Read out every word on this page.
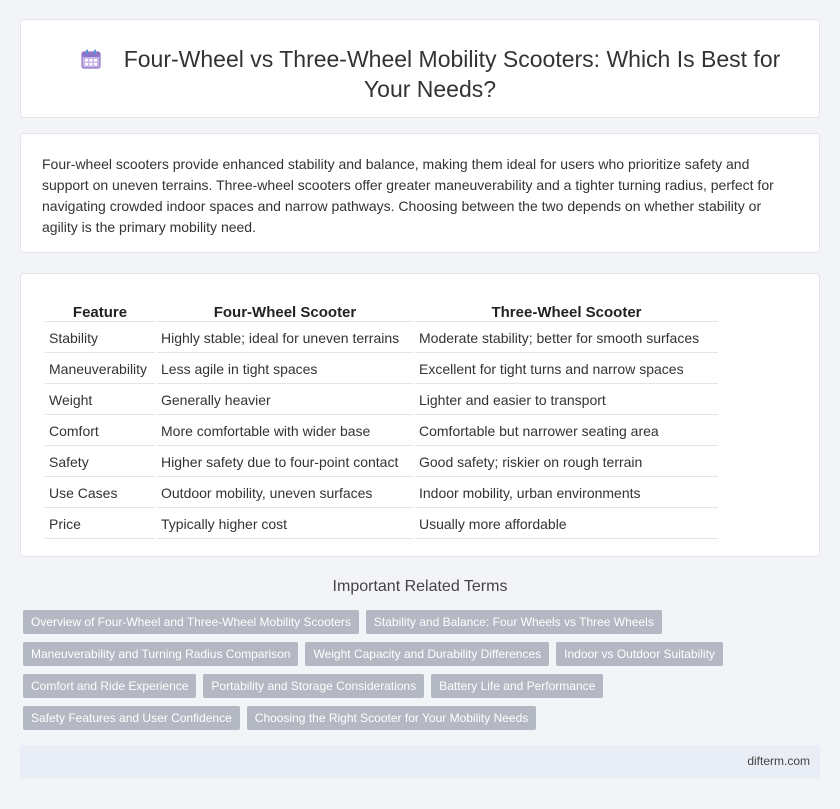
Four-Wheel vs Three-Wheel Mobility Scooters: Which Is Best for Your Needs?

Four-wheel scooters provide enhanced stability and balance, making them ideal for users who prioritize safety and support on uneven terrains. Three-wheel scooters offer greater maneuverability and a tighter turning radius, perfect for navigating crowded indoor spaces and narrow pathways. Choosing between the two depends on whether stability or agility is the primary mobility need.

Feature	Four-Wheel Scooter	Three-Wheel Scooter
Stability	Highly stable; ideal for uneven terrains	Moderate stability; better for smooth surfaces
Maneuverability	Less agile in tight spaces	Excellent for tight turns and narrow spaces
Weight	Generally heavier	Lighter and easier to transport
Comfort	More comfortable with wider base	Comfortable but narrower seating area
Safety	Higher safety due to four-point contact	Good safety; riskier on rough terrain
Use Cases	Outdoor mobility, uneven surfaces	Indoor mobility, urban environments
Price	Typically higher cost	Usually more affordable
Important Related Terms
Overview of Four-Wheel and Three-Wheel Mobility Scooters	Stability and Balance: Four Wheels vs Three Wheels
Maneuverability and Turning Radius Comparison	Weight Capacity and Durability Differences	Indoor vs Outdoor Suitability
Comfort and Ride Experience	Portability and Storage Considerations	Battery Life and Performance
Safety Features and User Confidence	Choosing the Right Scooter for Your Mobility Needs
difterm.com
